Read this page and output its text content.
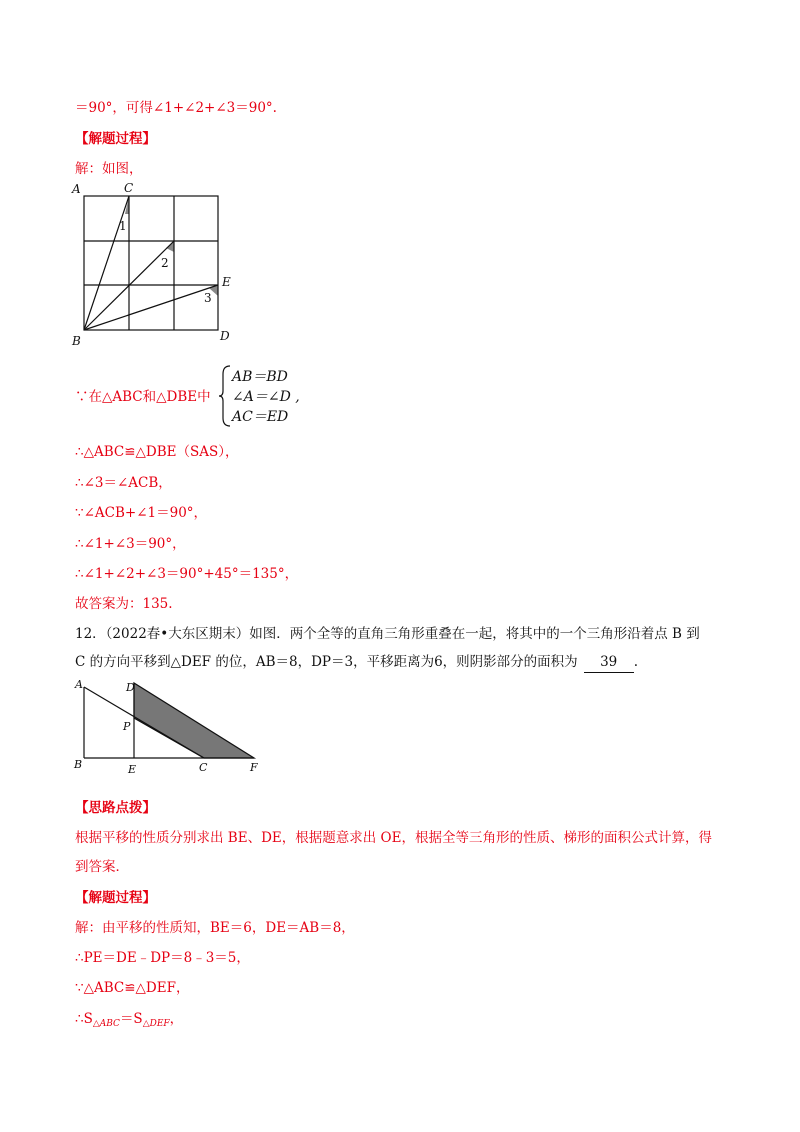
＝90°，可得∠1+∠2+∠3＝90°.
【解题过程】
解：如图，
A	C
B	D
E
1
2
3
∵在△ABC和△DBE中
AB＝BD
∠A＝∠D ,
AC＝ED
∴△ABC≌△DBE（SAS），
∴∠3＝∠ACB，
∵∠ACB+∠1＝90°，
∴∠1+∠3＝90°，
∴∠1+∠2+∠3＝90°+45°＝135°，
故答案为：135.
12．（2022春•大东区期末）如图．两个全等的直角三角形重叠在一起，将其中的一个三角形沿着点 B 到
C 的方向平移到△DEF 的位，AB＝8，DP＝3，平移距离为6，则阴影部分的面积为 39 .
A	D
P
B	E	C	F
【思路点拨】
根据平移的性质分别求出 BE、DE，根据题意求出 OE，根据全等三角形的性质、梯形的面积公式计算，得
到答案．
【解题过程】
解：由平移的性质知，BE＝6，DE＝AB＝8，
∴PE＝DE﹣DP＝8﹣3＝5，
∵△ABC≌△DEF，
$\therefore S_{\triangle ABC}=S_{\triangle DEF}$，
